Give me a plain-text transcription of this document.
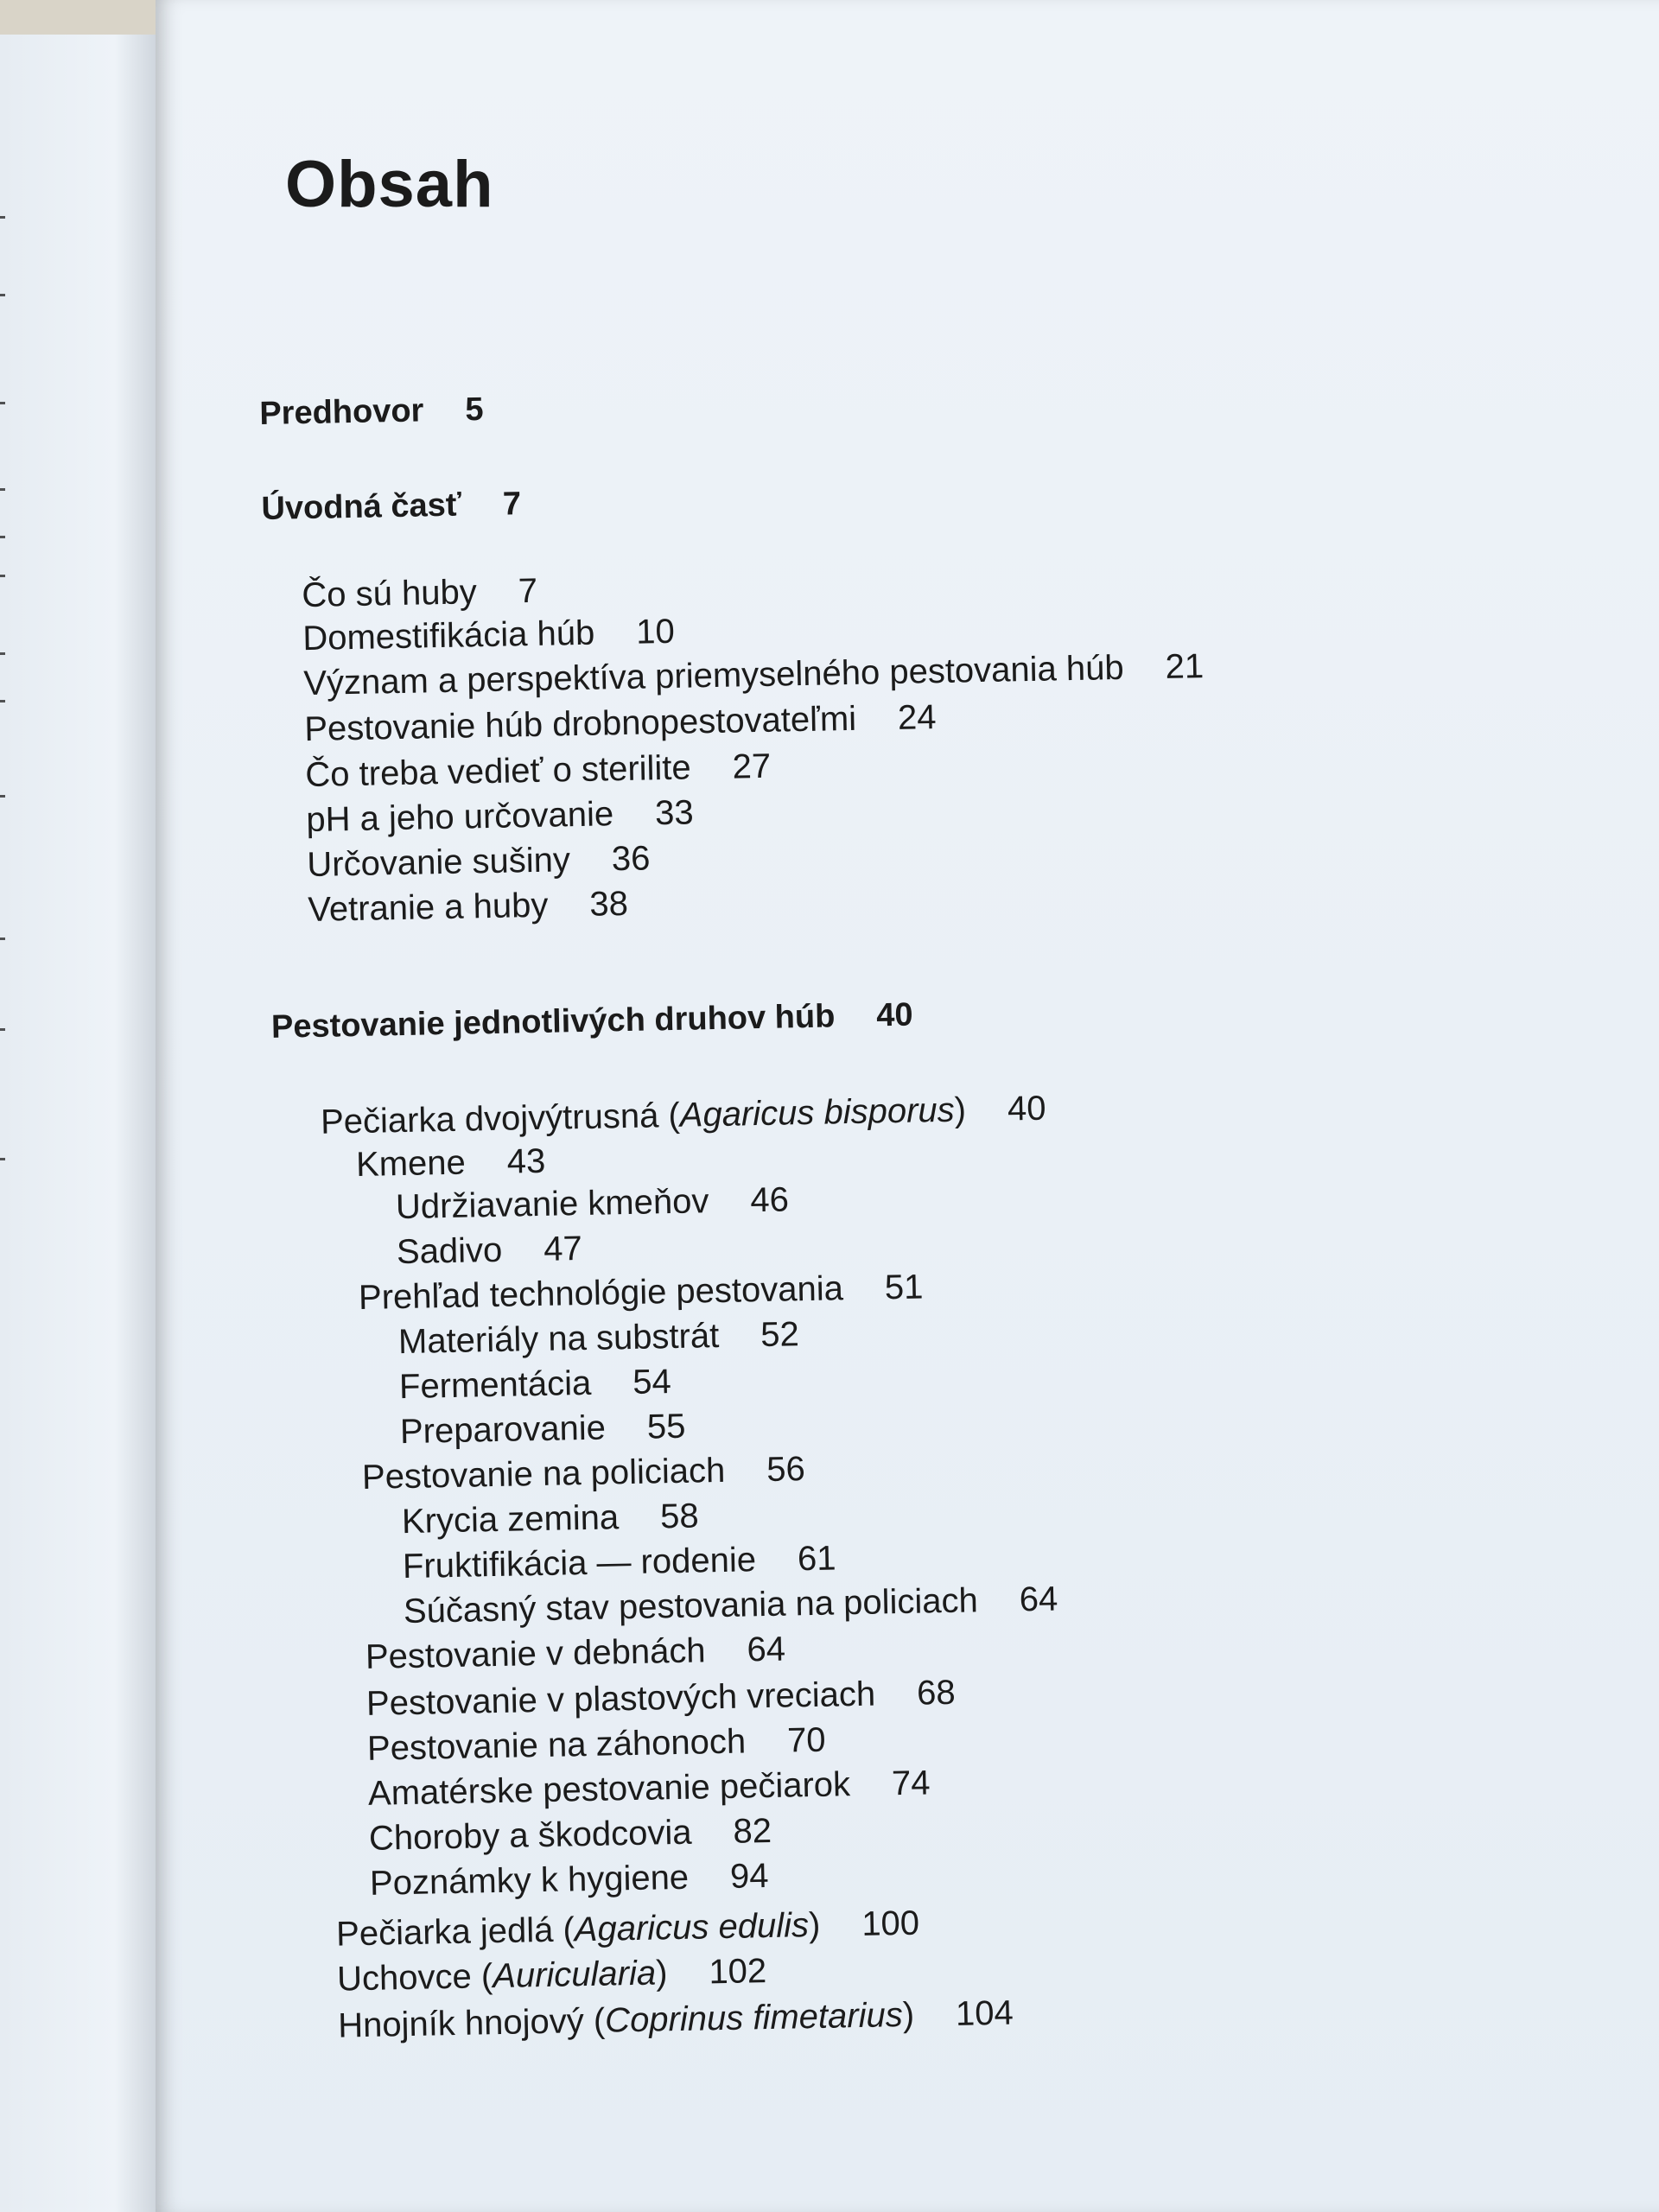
Obsah
Predhovor 5
Úvodná časť 7
Čo sú huby 7
Domestifikácia húb 10
Význam a perspektíva priemyselného pestovania húb 21
Pestovanie húb drobnopestovateľmi 24
Čo treba vedieť o sterilite 27
pH a jeho určovanie 33
Určovanie sušiny 36
Vetranie a huby 38
Pestovanie jednotlivých druhov húb 40
Pečiarka dvojvýtrusná (Agaricus bisporus) 40
Kmene 43
Udržiavanie kmeňov 46
Sadivo 47
Prehľad technológie pestovania 51
Materiály na substrát 52
Fermentácia 54
Preparovanie 55
Pestovanie na policiach 56
Krycia zemina 58
Fruktifikácia — rodenie 61
Súčasný stav pestovania na policiach 64
Pestovanie v debnách 64
Pestovanie v plastových vreciach 68
Pestovanie na záhonoch 70
Amatérske pestovanie pečiarok 74
Choroby a škodcovia 82
Poznámky k hygiene 94
Pečiarka jedlá (Agaricus edulis) 100
Uchovce (Auricularia) 102
Hnojník hnojový (Coprinus fimetarius) 104
